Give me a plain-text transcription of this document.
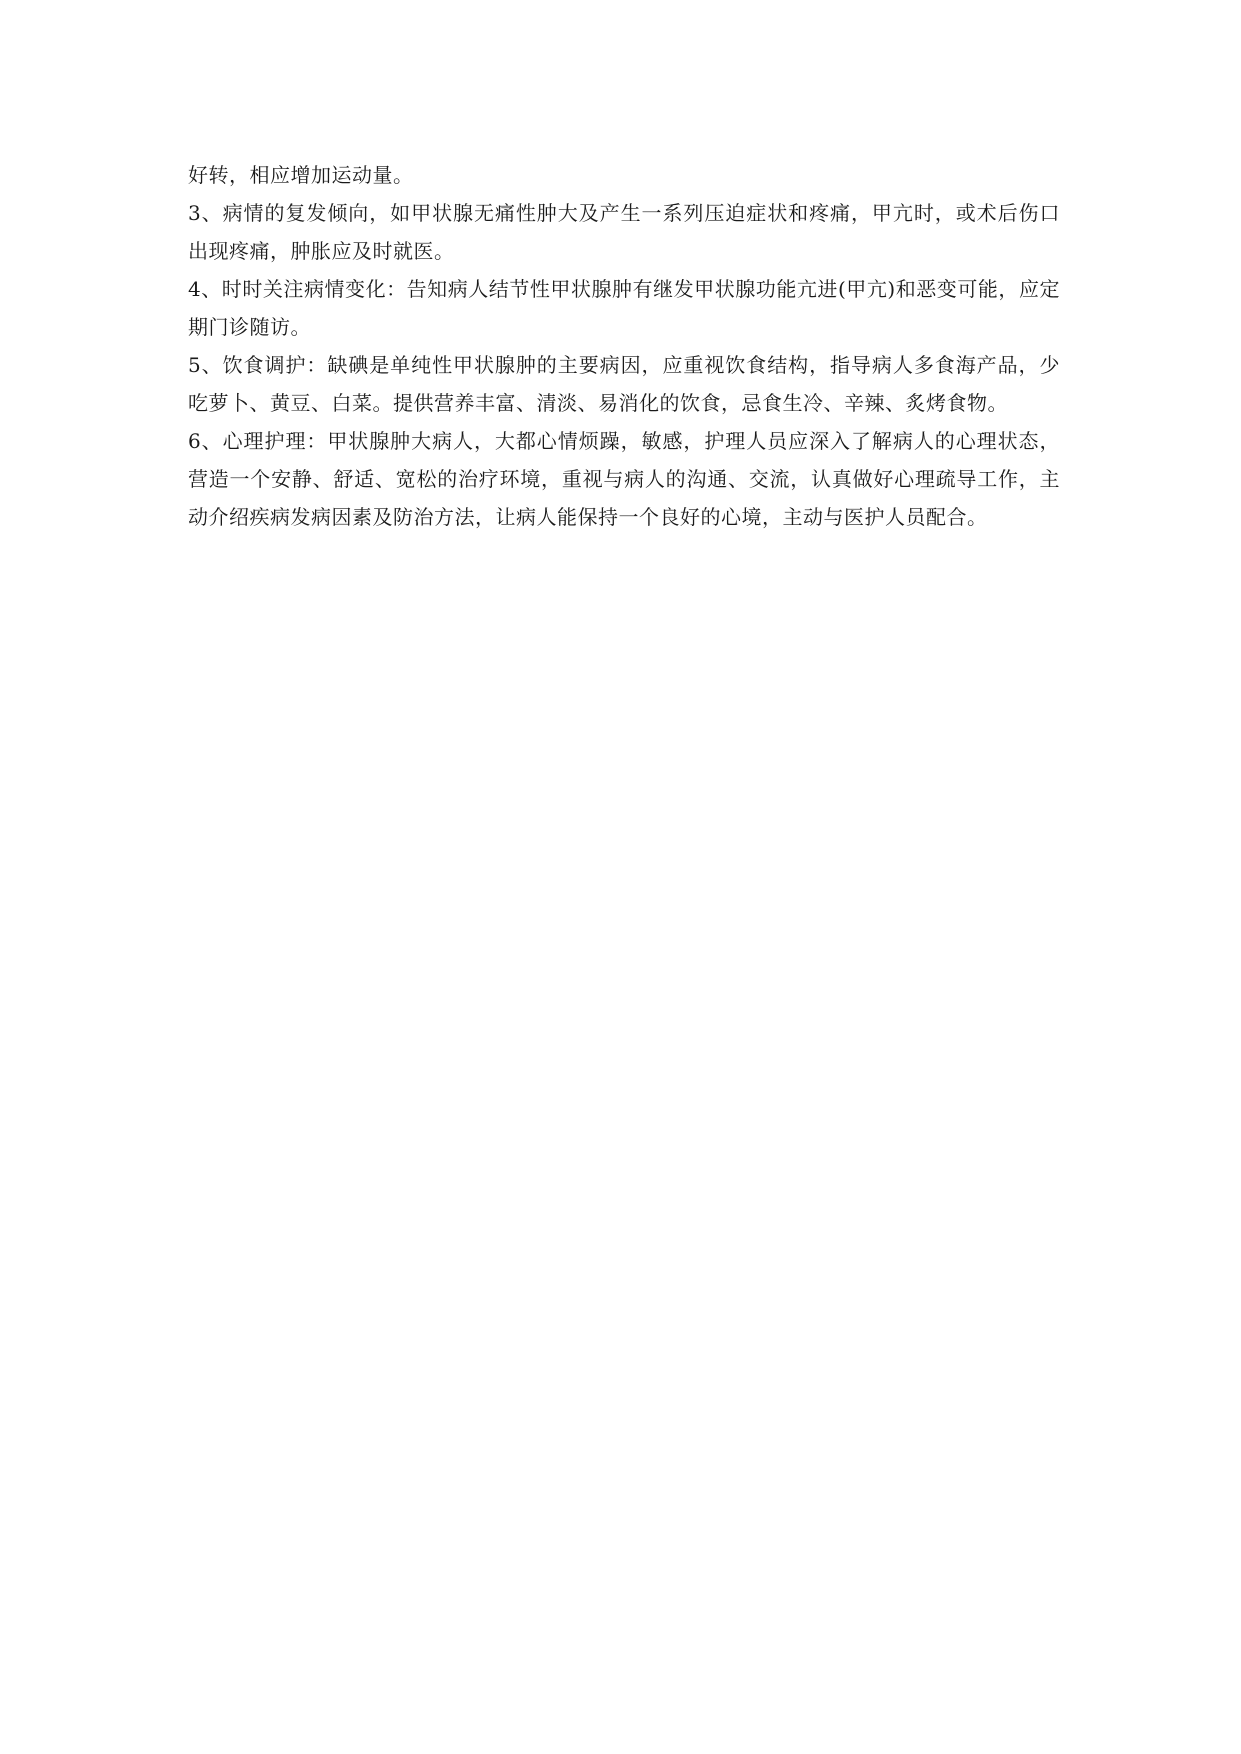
好转，相应增加运动量。

3、病情的复发倾向，如甲状腺无痛性肿大及产生一系列压迫症状和疼痛，甲亢时，或术后伤口出现疼痛，肿胀应及时就医。

4、时时关注病情变化：告知病人结节性甲状腺肿有继发甲状腺功能亢进(甲亢)和恶变可能，应定期门诊随访。

5、饮食调护：缺碘是单纯性甲状腺肿的主要病因，应重视饮食结构，指导病人多食海产品，少吃萝卜、黄豆、白菜。提供营养丰富、清淡、易消化的饮食，忌食生冷、辛辣、炙烤食物。

6、心理护理：甲状腺肿大病人，大都心情烦躁，敏感，护理人员应深入了解病人的心理状态，营造一个安静、舒适、宽松的治疗环境，重视与病人的沟通、交流，认真做好心理疏导工作，主动介绍疾病发病因素及防治方法，让病人能保持一个良好的心境，主动与医护人员配合。
